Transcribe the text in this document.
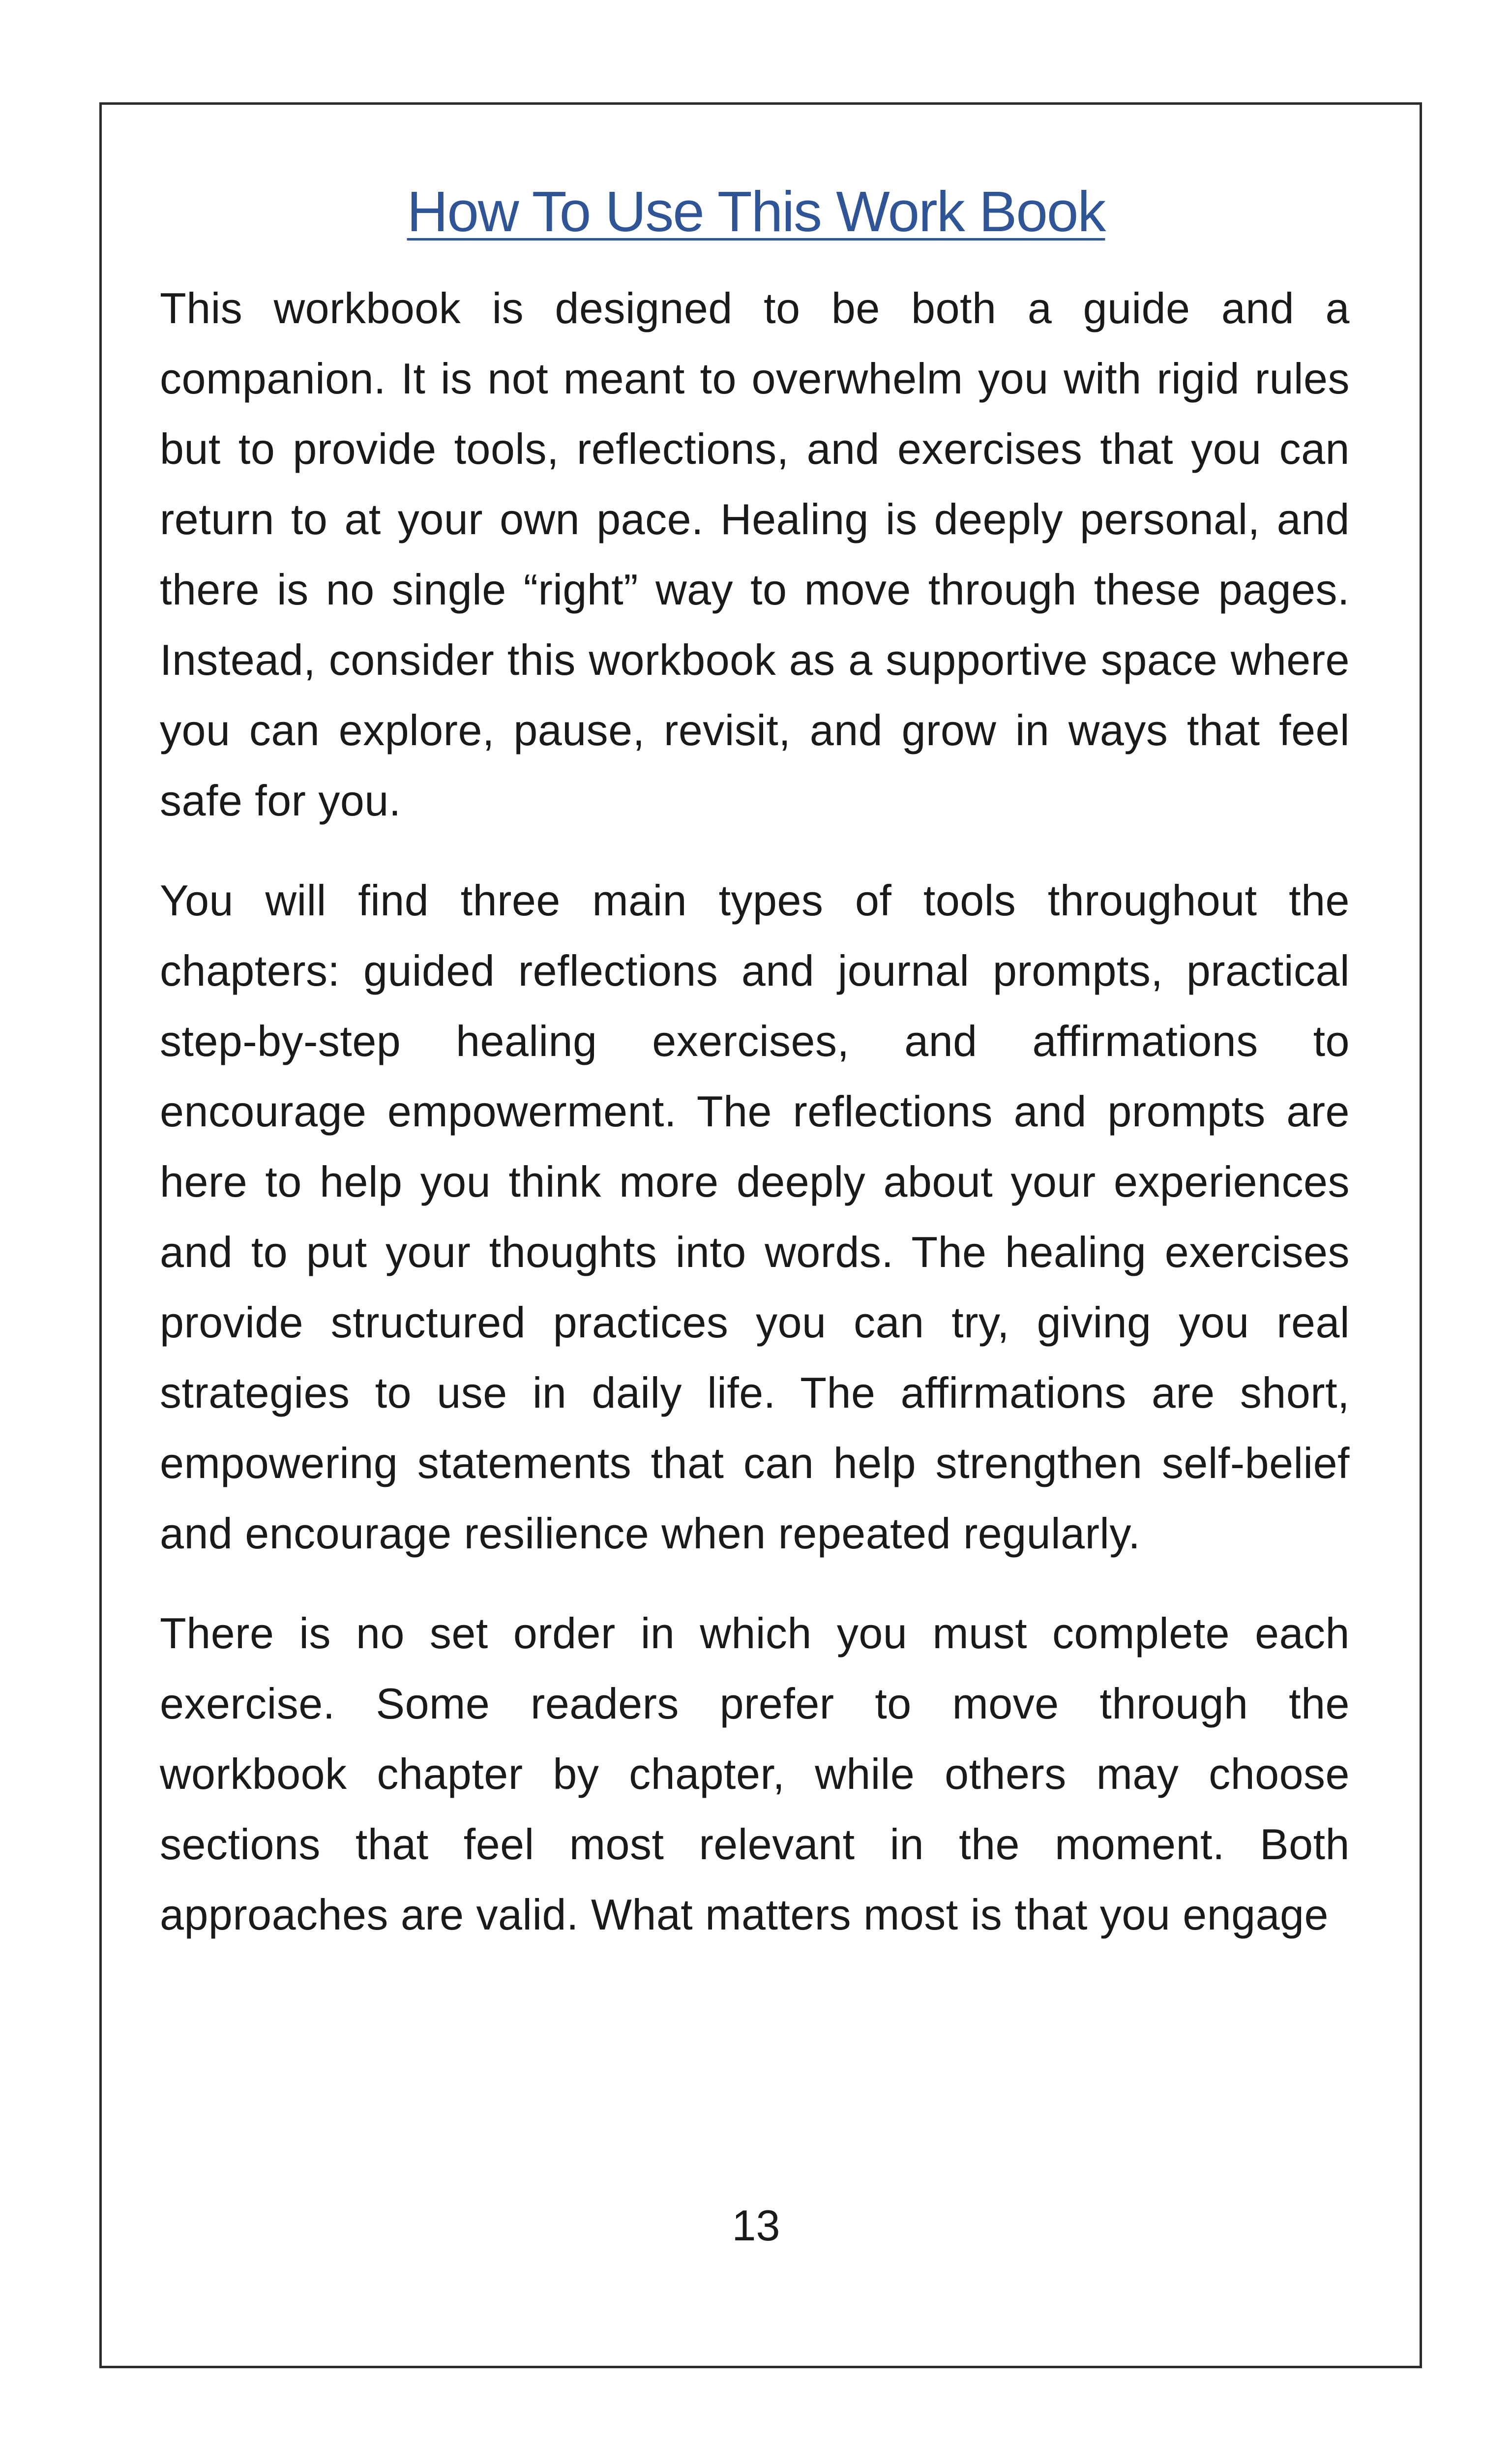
How To Use This Work Book

This workbook is designed to be both a guide and a companion. It is not meant to overwhelm you with rigid rules but to provide tools, reflections, and exercises that you can return to at your own pace. Healing is deeply personal, and there is no single “right” way to move through these pages. Instead, consider this workbook as a supportive space where you can explore, pause, revisit, and grow in ways that feel safe for you.

You will find three main types of tools throughout the chapters: guided reflections and journal prompts, practical step-by-step healing exercises, and affirmations to encourage empowerment. The reflections and prompts are here to help you think more deeply about your experiences and to put your thoughts into words. The healing exercises provide structured practices you can try, giving you real strategies to use in daily life. The affirmations are short, empowering statements that can help strengthen self-belief and encourage resilience when repeated regularly.

There is no set order in which you must complete each exercise. Some readers prefer to move through the workbook chapter by chapter, while others may choose sections that feel most relevant in the moment. Both approaches are valid. What matters most is that you engage

13
